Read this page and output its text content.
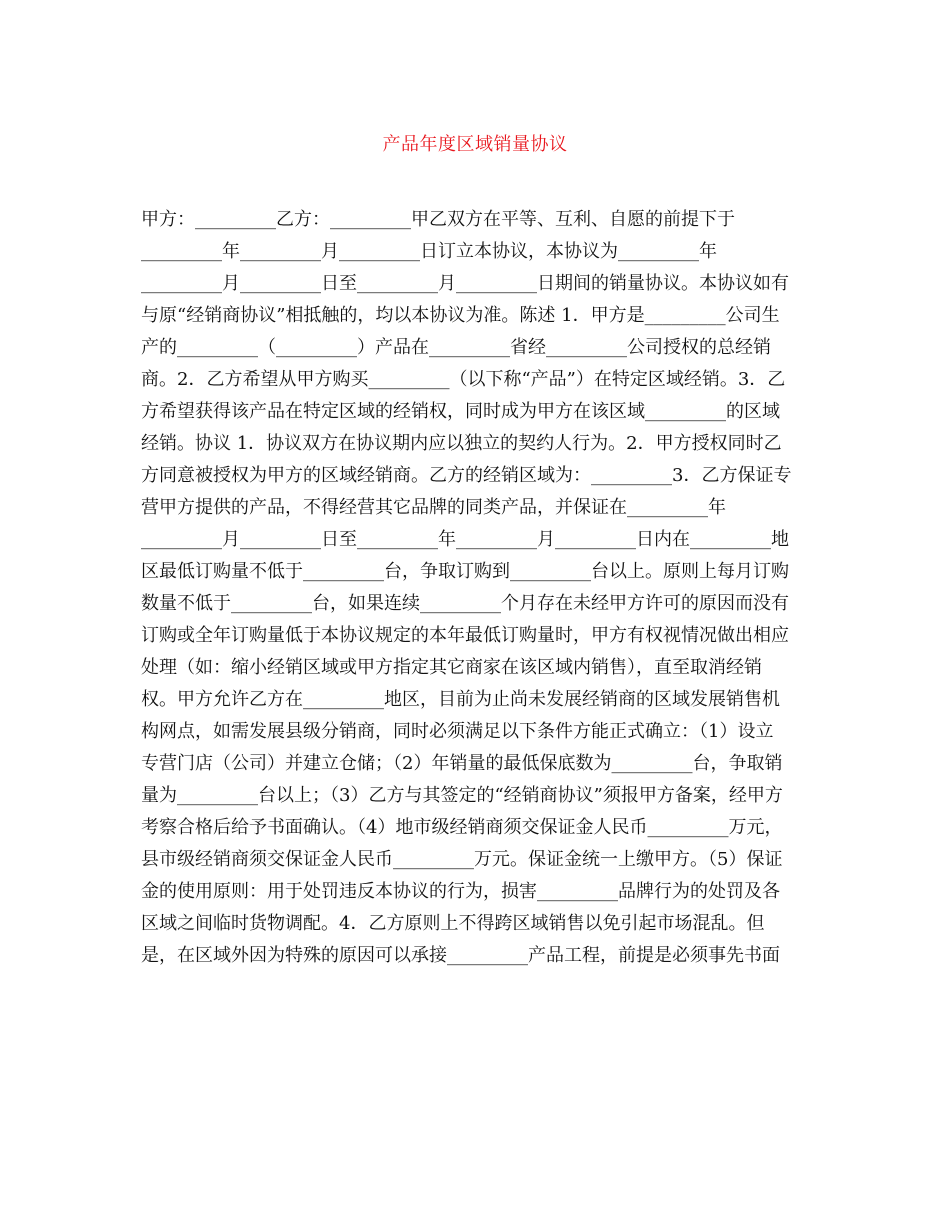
产品年度区域销量协议
甲方：_________乙方：_________甲乙双方在平等、互利、自愿的前提下于
_________年_________月_________日订立本协议，本协议为_________年
_________月_________日至_________月_________日期间的销量协议。本协议如有
与原“经销商协议”相抵触的，均以本协议为准。陈述 1．甲方是_________公司生
产的_________（_________）产品在_________省经_________公司授权的总经销
商。2．乙方希望从甲方购买_________（以下称“产品”）在特定区域经销。3．乙
方希望获得该产品在特定区域的经销权，同时成为甲方在该区域_________的区域
经销。协议 1．协议双方在协议期内应以独立的契约人行为。2．甲方授权同时乙
方同意被授权为甲方的区域经销商。乙方的经销区域为：_________3．乙方保证专
营甲方提供的产品，不得经营其它品牌的同类产品，并保证在_________年
_________月_________日至_________年_________月_________日内在_________地
区最低订购量不低于_________台，争取订购到_________台以上。原则上每月订购
数量不低于_________台，如果连续_________个月存在未经甲方许可的原因而没有
订购或全年订购量低于本协议规定的本年最低订购量时，甲方有权视情况做出相应
处理（如：缩小经销区域或甲方指定其它商家在该区域内销售），直至取消经销
权。甲方允许乙方在_________地区，目前为止尚未发展经销商的区域发展销售机
构网点，如需发展县级分销商，同时必须满足以下条件方能正式确立：（1）设立
专营门店（公司）并建立仓储；（2）年销量的最低保底数为_________台，争取销
量为_________台以上；（3）乙方与其签定的“经销商协议”须报甲方备案，经甲方
考察合格后给予书面确认。（4）地市级经销商须交保证金人民币_________万元，
县市级经销商须交保证金人民币_________万元。保证金统一上缴甲方。（5）保证
金的使用原则：用于处罚违反本协议的行为，损害_________品牌行为的处罚及各
区域之间临时货物调配。4．乙方原则上不得跨区域销售以免引起市场混乱。但
是，在区域外因为特殊的原因可以承接_________产品工程，前提是必须事先书面
